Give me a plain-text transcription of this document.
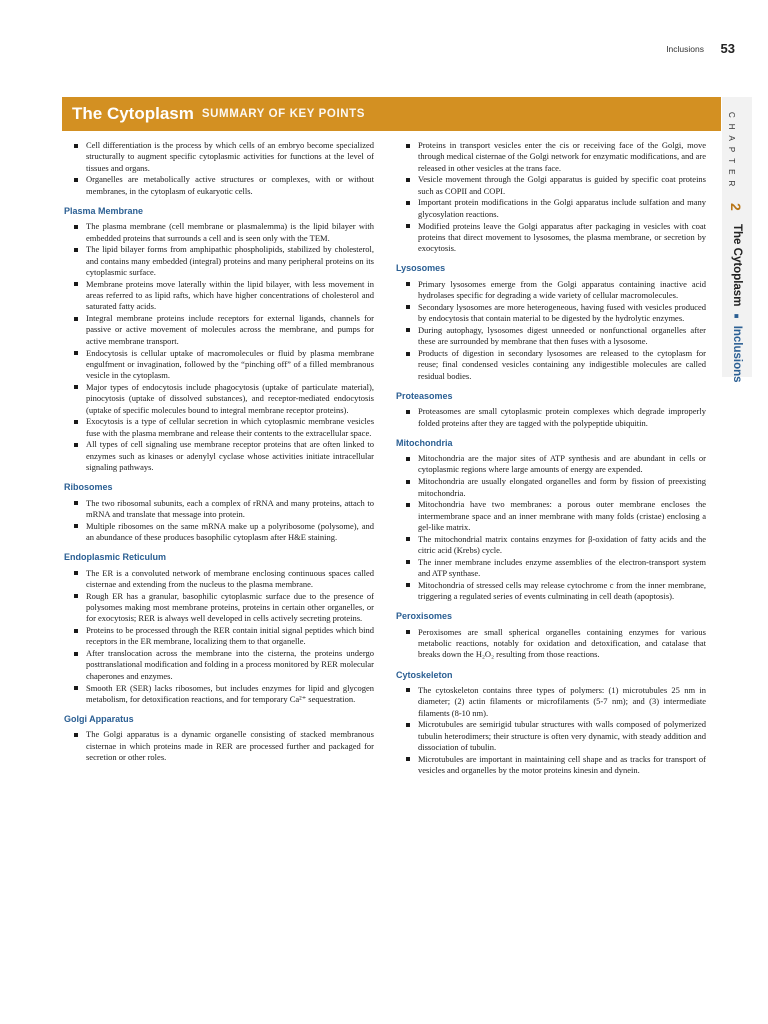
Inclusions 53
The Cytoplasm SUMMARY OF KEY POINTS	CHAPTER
2
The Cytoplasm ■ Inclusions
Cell differentiation is the process by which cells of an embryo become specialized structurally to augment specific cytoplasmic activities for functions at the level of tissues and organs.
Organelles are metabolically active structures or complexes, with or without membranes, in the cytoplasm of eukaryotic cells.
Plasma Membrane
The plasma membrane (cell membrane or plasmalemma) is the lipid bilayer with embedded proteins that surrounds a cell and is seen only with the TEM.
The lipid bilayer forms from amphipathic phospholipids, stabilized by cholesterol, and contains many embedded (integral) proteins and many peripheral proteins on its cytoplasmic surface.
Membrane proteins move laterally within the lipid bilayer, with less movement in areas referred to as lipid rafts, which have higher concentrations of cholesterol and saturated fatty acids.
Integral membrane proteins include receptors for external ligands, channels for passive or active movement of molecules across the membrane, and pumps for active membrane transport.
Endocytosis is cellular uptake of macromolecules or fluid by plasma membrane engulfment or invagination, followed by the “pinching off” of a filled membranous vesicle in the cytoplasm.
Major types of endocytosis include phagocytosis (uptake of particulate material), pinocytosis (uptake of dissolved substances), and receptor-mediated endocytosis (uptake of specific molecules bound to integral membrane receptor proteins).
Exocytosis is a type of cellular secretion in which cytoplasmic membrane vesicles fuse with the plasma membrane and release their contents to the extracellular space.
All types of cell signaling use membrane receptor proteins that are often linked to enzymes such as kinases or adenylyl cyclase whose activities initiate intracellular signaling pathways.
Ribosomes
The two ribosomal subunits, each a complex of rRNA and many proteins, attach to mRNA and translate that message into protein.
Multiple ribosomes on the same mRNA make up a polyribosome (polysome), and an abundance of these produces basophilic cytoplasm after H&E staining.
Endoplasmic Reticulum
The ER is a convoluted network of membrane enclosing continuous spaces called cisternae and extending from the nucleus to the plasma membrane.
Rough ER has a granular, basophilic cytoplasmic surface due to the presence of polysomes making most membrane proteins, proteins in certain other organelles, or for exocytosis; RER is always well developed in cells actively secreting proteins.
Proteins to be processed through the RER contain initial signal peptides which bind receptors in the ER membrane, localizing them to that organelle.
After translocation across the membrane into the cisterna, the proteins undergo posttranslational modification and folding in a process monitored by RER molecular chaperones and enzymes.
Smooth ER (SER) lacks ribosomes, but includes enzymes for lipid and glycogen metabolism, for detoxification reactions, and for temporary Ca²⁺ sequestration.
Golgi Apparatus
The Golgi apparatus is a dynamic organelle consisting of stacked membranous cisternae in which proteins made in RER are processed further and packaged for secretion or other roles.
Proteins in transport vesicles enter the cis or receiving face of the Golgi, move through medical cisternae of the Golgi network for enzymatic modifications, and are released in other vesicles at the trans face.
Vesicle movement through the Golgi apparatus is guided by specific coat proteins such as COPII and COPI.
Important protein modifications in the Golgi apparatus include sulfation and many glycosylation reactions.
Modified proteins leave the Golgi apparatus after packaging in vesicles with coat proteins that direct movement to lysosomes, the plasma membrane, or secretion by exocytosis.
Lysosomes
Primary lysosomes emerge from the Golgi apparatus containing inactive acid hydrolases specific for degrading a wide variety of cellular macromolecules.
Secondary lysosomes are more heterogeneous, having fused with vesicles produced by endocytosis that contain material to be digested by the hydrolytic enzymes.
During autophagy, lysosomes digest unneeded or nonfunctional organelles after these are surrounded by membrane that then fuses with a lysosome.
Products of digestion in secondary lysosomes are released to the cytoplasm for reuse; final condensed vesicles containing any indigestible molecules are called residual bodies.
Proteasomes
Proteasomes are small cytoplasmic protein complexes which degrade improperly folded proteins after they are tagged with the polypeptide ubiquitin.
Mitochondria
Mitochondria are the major sites of ATP synthesis and are abundant in cells or cytoplasmic regions where large amounts of energy are expended.
Mitochondria are usually elongated organelles and form by fission of preexisting mitochondria.
Mitochondria have two membranes: a porous outer membrane encloses the intermembrane space and an inner membrane with many folds (cristae) enclosing a gel-like matrix.
The mitochondrial matrix contains enzymes for β-oxidation of fatty acids and the citric acid (Krebs) cycle.
The inner membrane includes enzyme assemblies of the electron-transport system and ATP synthase.
Mitochondria of stressed cells may release cytochrome c from the inner membrane, triggering a regulated series of events culminating in cell death (apoptosis).
Peroxisomes
Peroxisomes are small spherical organelles containing enzymes for various metabolic reactions, notably for oxidation and detoxification, and catalase that breaks down the H₂O₂ resulting from those reactions.
Cytoskeleton
The cytoskeleton contains three types of polymers: (1) microtubules 25 nm in diameter; (2) actin filaments or microfilaments (5-7 nm); and (3) intermediate filaments (8-10 nm).
Microtubules are semirigid tubular structures with walls composed of polymerized tubulin heterodimers; their structure is often very dynamic, with steady addition and dissociation of tubulin.
Microtubules are important in maintaining cell shape and as tracks for transport of vesicles and organelles by the motor proteins kinesin and dynein.
